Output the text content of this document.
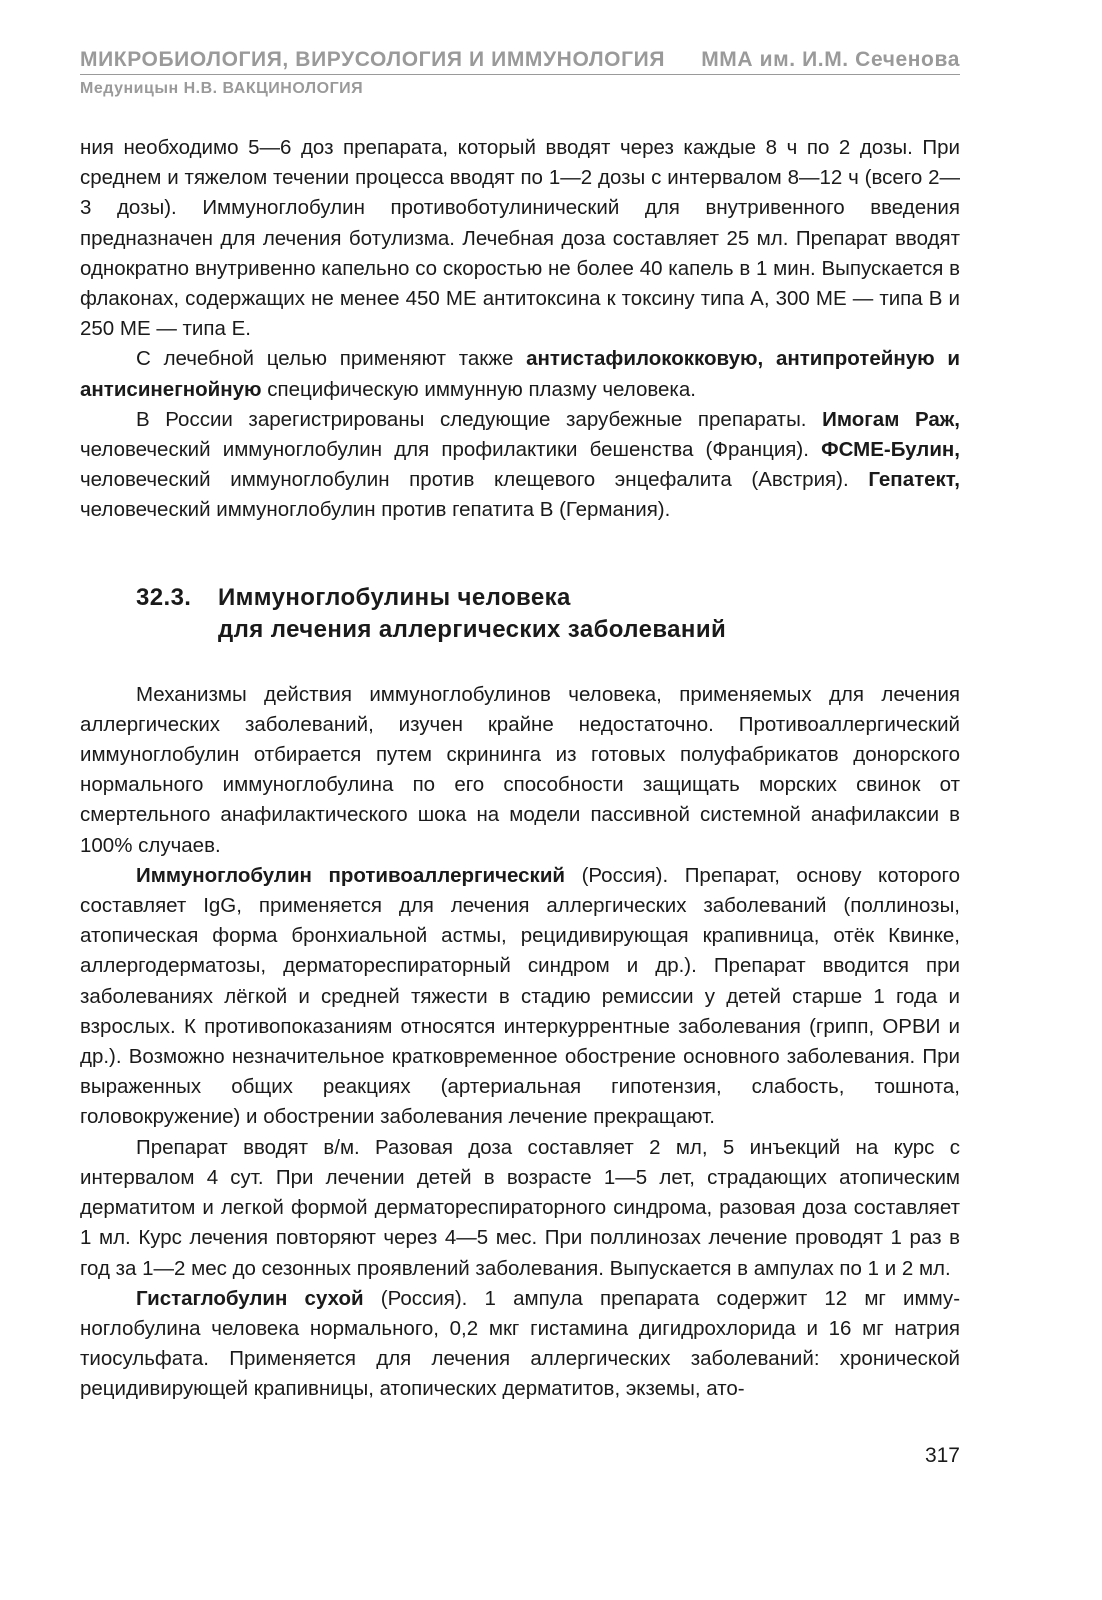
МИКРОБИОЛОГИЯ, ВИРУСОЛОГИЯ И ИММУНОЛОГИЯ ММА им. И.М. Сеченова
Медуницын Н.В. ВАКЦИНОЛОГИЯ

ния необходимо 5—6 доз препарата, который вводят через каждые 8 ч по 2 дозы. При среднем и тяжелом течении процесса вводят по 1—2 дозы с интервалом 8—12 ч (всего 2—3 дозы). Иммуноглобулин противоботулинический для внутривенного введения предназначен для лечения ботулизма. Лечебная доза составляет 25 мл. Препарат вводят однократно внутривенно капельно со скоростью не более 40 капель в 1 мин. Выпускается в флаконах, содержащих не менее 450 МЕ антитоксина к токсину типа А, 300 МЕ — типа В и 250 МЕ — типа Е.

С лечебной целью применяют также антистафилококковую, антипротейную и антисинегнойную специфическую иммунную плазму человека.

В России зарегистрированы следующие зарубежные препараты. Имогам Раж, человеческий иммуноглобулин для профилактики бешенства (Франция). ФСМЕ-Булин, человеческий иммуноглобулин против клещевого энцефалита (Австрия). Гепатект, человеческий иммуноглобулин против гепатита В (Германия).

32.3. Иммуноглобулины человека
для лечения аллергических заболеваний

Механизмы действия иммуноглобулинов человека, применяемых для лечения аллергических заболеваний, изучен крайне недостаточно. Противоаллергический иммуноглобулин отбирается путем скрининга из готовых полуфабрикатов донорского нормального иммуноглобулина по его способности защищать морских свинок от смертельного анафилактического шока на модели пассивной системной анафилаксии в 100% случаев.

Иммуноглобулин противоаллергический (Россия). Препарат, основу которого составляет IgG, применяется для лечения аллергических заболеваний (поллинозы, атопическая форма бронхиальной астмы, рецидивирующая крапивница, отёк Квинке, аллергодерматозы, дерматореспираторный синдром и др.). Препарат вводится при заболеваниях лёгкой и средней тяжести в стадию ремиссии у детей старше 1 года и взрослых. К противопоказаниям относятся интеркуррентные заболевания (грипп, ОРВИ и др.). Возможно незначительное кратковременное обострение основного заболевания. При выраженных общих реакциях (артериальная гипотензия, слабость, тошнота, головокружение) и обострении заболевания лечение прекращают.

Препарат вводят в/м. Разовая доза составляет 2 мл, 5 инъекций на курс с интервалом 4 сут. При лечении детей в возрасте 1—5 лет, страдающих атопическим дерматитом и легкой формой дерматореспираторного синдрома, разовая доза составляет 1 мл. Курс лечения повторяют через 4—5 мес. При поллинозах лечение проводят 1 раз в год за 1—2 мес до сезонных проявлений заболевания. Выпускается в ампулах по 1 и 2 мл.

Гистаглобулин сухой (Россия). 1 ампула препарата содержит 12 мг иммуноглобулина человека нормального, 0,2 мкг гистамина дигидрохлорида и 16 мг натрия тиосульфата. Применяется для лечения аллергических заболеваний: хронической рецидивирующей крапивницы, атопических дерматитов, экземы, ато-

317
